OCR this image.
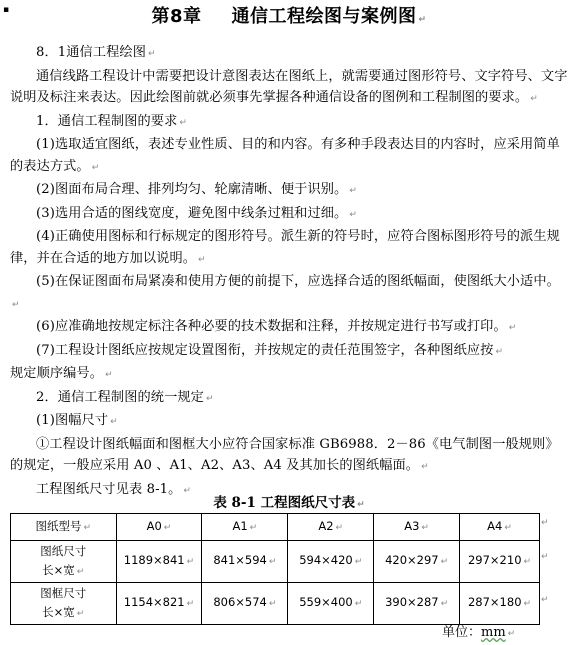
▪	第8章 通信工程绘图与案例图 ↵

8．1通信工程绘图 ↵

通信线路工程设计中需要把设计意图表达在图纸上，就需要通过图形符号、文字符号、文字说明及标注来表达。因此绘图前就必须事先掌握各种通信设备的图例和工程制图的要求。 ↵

1．通信工程制图的要求 ↵

(1)选取适宜图纸，表述专业性质、目的和内容。有多种手段表达目的内容时，应采用简单的表达方式。 ↵

(2)图面布局合理、排列均匀、轮廓清晰、便于识别。 ↵

(3)选用合适的图线宽度，避免图中线条过粗和过细。 ↵

(4)正确使用图标和行标规定的图形符号。派生新的符号时，应符合图标图形符号的派生规律，并在合适的地方加以说明。 ↵

(5)在保证图面布局紧凑和使用方便的前提下，应选择合适的图纸幅面，使图纸大小适中。↵

(6)应准确地按规定标注各种必要的技术数据和注释，并按规定进行书写或打印。 ↵

(7)工程设计图纸应按规定设置图衔，并按规定的责任范围签字，各种图纸应按 ↵

规定顺序编号。 ↵

2．通信工程制图的统一规定 ↵

(1)图幅尺寸 ↵

①工程设计图纸幅面和图框大小应符合国家标准 GB6988．2－86《电气制图一般规则》的规定，一般应采用 A0 、A1、A2、A3、A4 及其加长的图纸幅面。 ↵

工程图纸尺寸见表 8-1。 ↵

表 8-1 工程图纸尺寸表 ↵
图纸型号 ↵	A0 ↵	A1 ↵	A2 ↵	A3 ↵	A4 ↵
图纸尺寸
长×宽 ↵	1189×841 ↵	841×594 ↵	594×420 ↵	420×297 ↵	297×210 ↵
图框尺寸
长×宽 ↵	1154×821 ↵	806×574 ↵	559×400 ↵	390×287 ↵	287×180 ↵
↵
↵
↵
单位：mm ↵
